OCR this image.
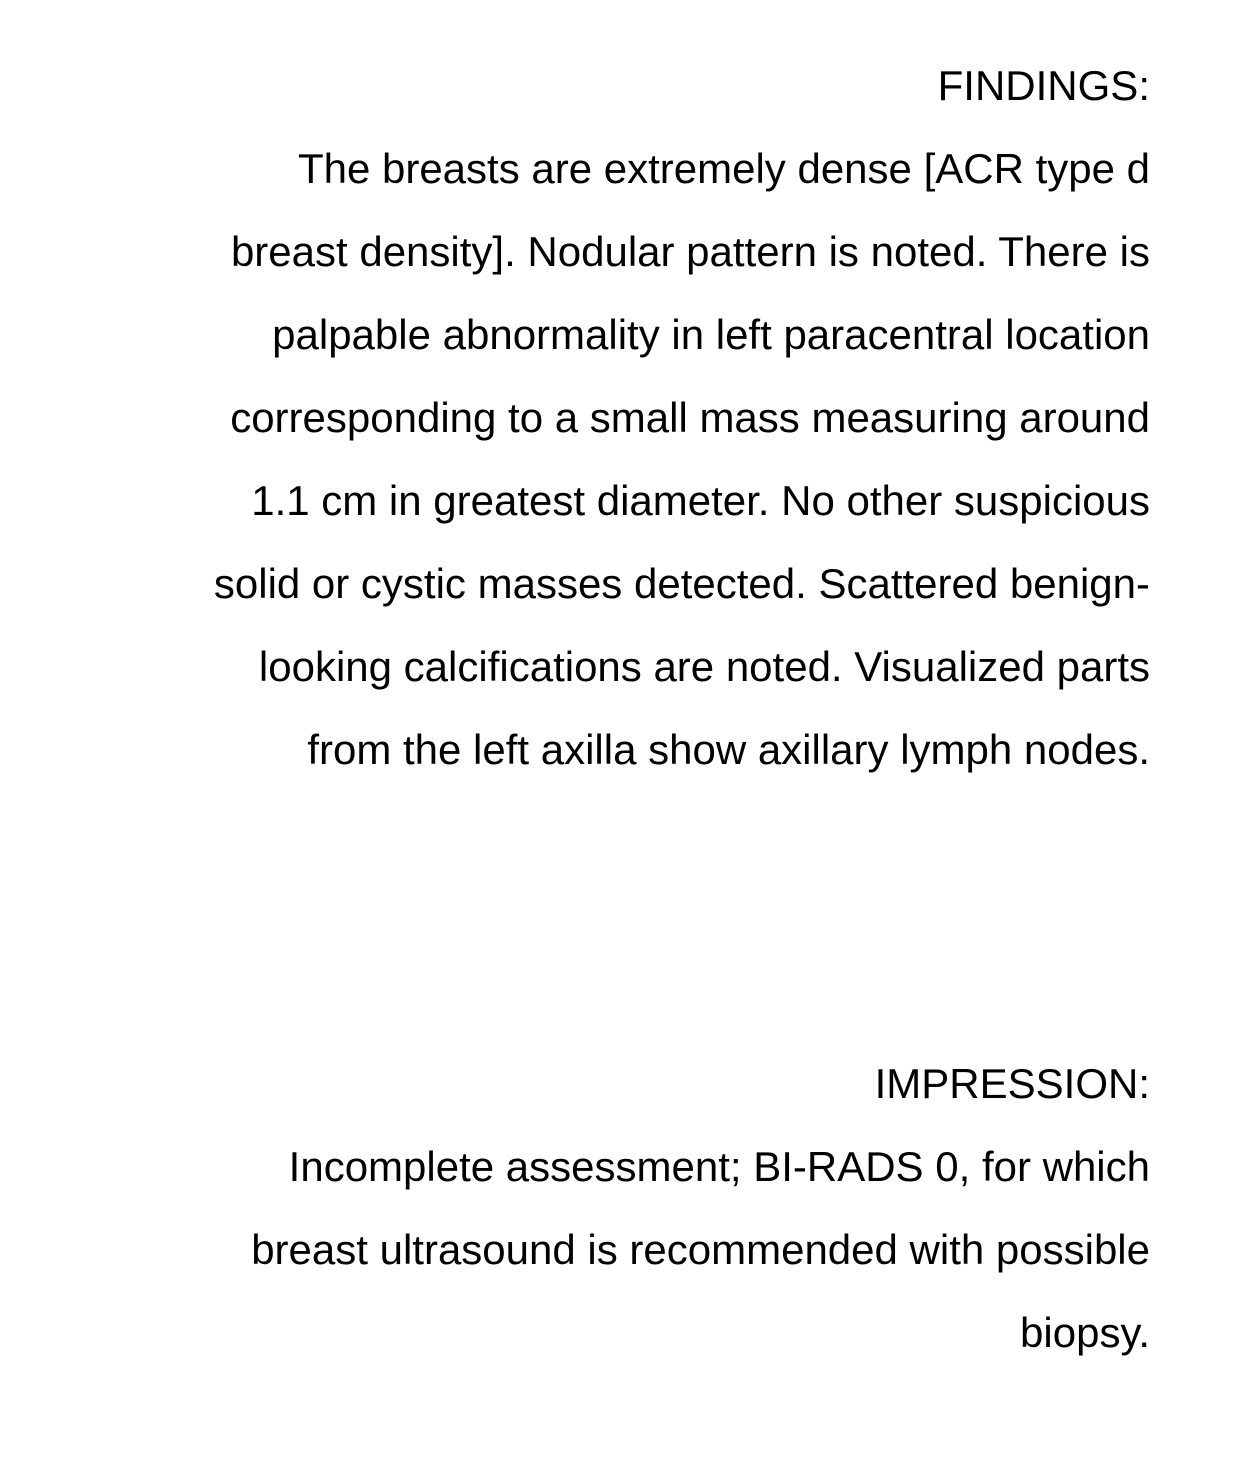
FINDINGS:

The breasts are extremely dense [ACR type d

breast density]. Nodular pattern is noted. There is

palpable abnormality in left paracentral location

corresponding to a small mass measuring around

1.1 cm in greatest diameter. No other suspicious

solid or cystic masses detected. Scattered benign-

looking calcifications are noted. Visualized parts

from the left axilla show axillary lymph nodes.

IMPRESSION:

Incomplete assessment; BI-RADS 0, for which

breast ultrasound is recommended with possible

biopsy.
